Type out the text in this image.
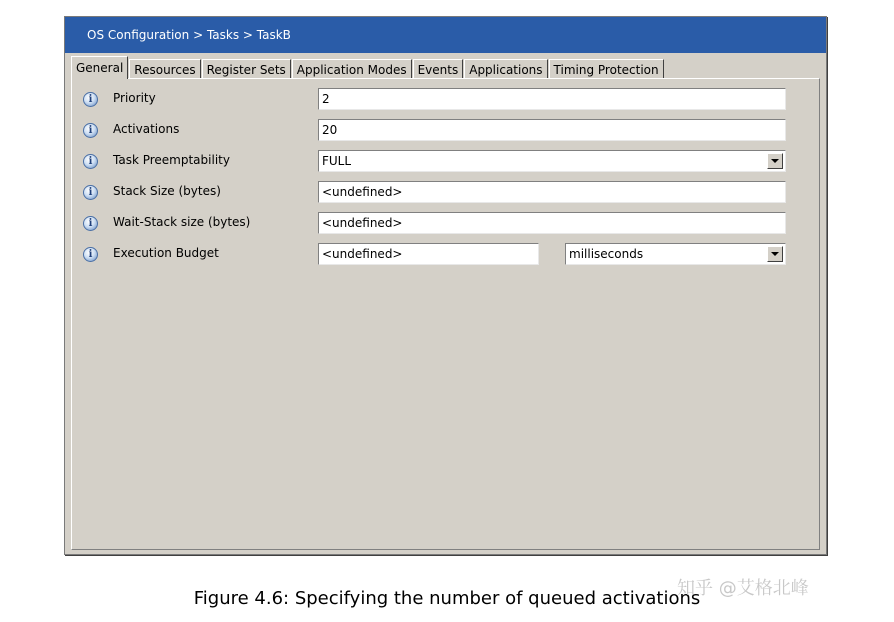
OS Configuration > Tasks > TaskB
General Resources Register Sets Application Modes Events Applications Timing Protection
i	Priority	2
i	Activations	20
i	Task Preemptability	FULL
i	Stack Size (bytes)	<undefined>
i	Wait-Stack size (bytes)	<undefined>
i	Execution Budget	<undefined>	milliseconds
Figure 4.6: Specifying the number of queued activations
知乎 @艾格北峰
